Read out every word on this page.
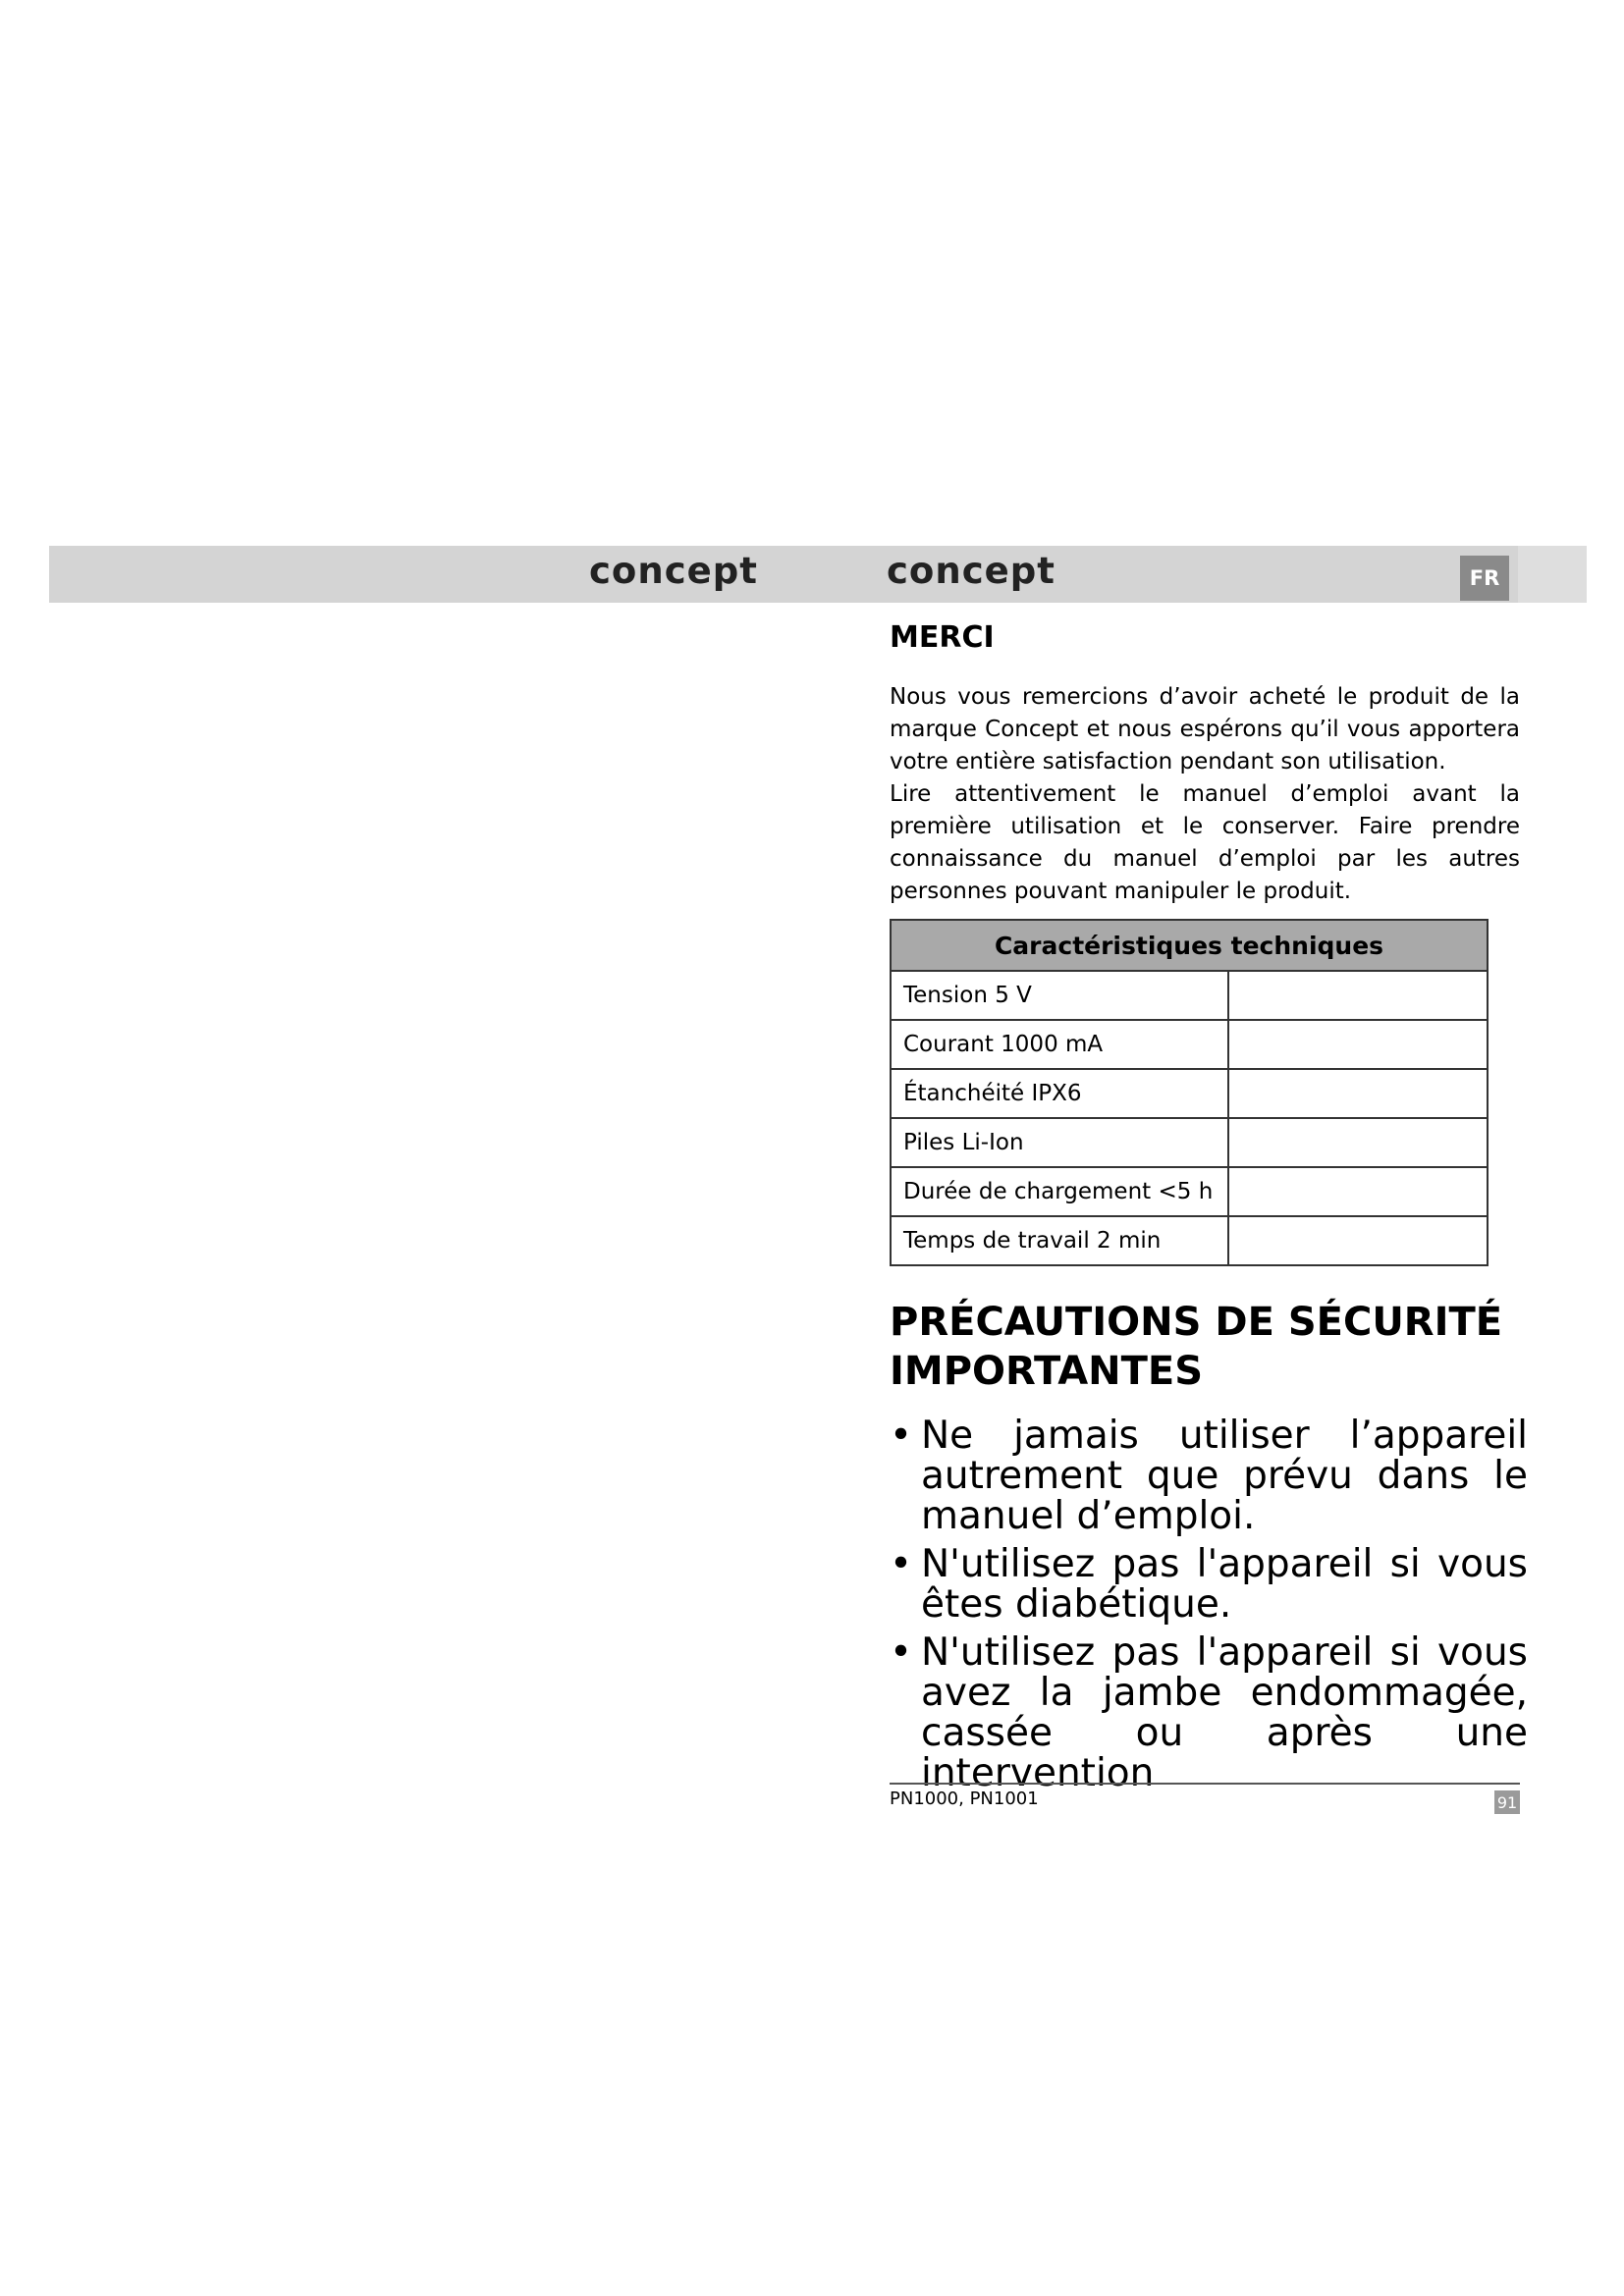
concept	concept	FR
MERCI

Nous vous remercions d’avoir acheté le produit de la marque Concept et nous espérons qu’il vous apportera votre entière satisfaction pendant son utilisation.

Lire attentivement le manuel d’emploi avant la première utilisation et le conserver. Faire prendre connaissance du manuel d’emploi par les autres personnes pouvant manipuler le produit.

Caractéristiques techniques	
Tension 5 V	
Courant 1000 mA	
Étanchéité IPX6	
Piles Li-Ion	
Durée de chargement <5 h	
Temps de travail 2 min	
PRÉCAUTIONS DE SÉCURITÉ IMPORTANTES
• Ne jamais utiliser l’appareil autrement que prévu dans le manuel d’emploi.
• N'utilisez pas l'appareil si vous êtes diabétique.
• N'utilisez pas l'appareil si vous avez la jambe endommagée, cassée ou après une intervention
PN1000, PN1001	91
